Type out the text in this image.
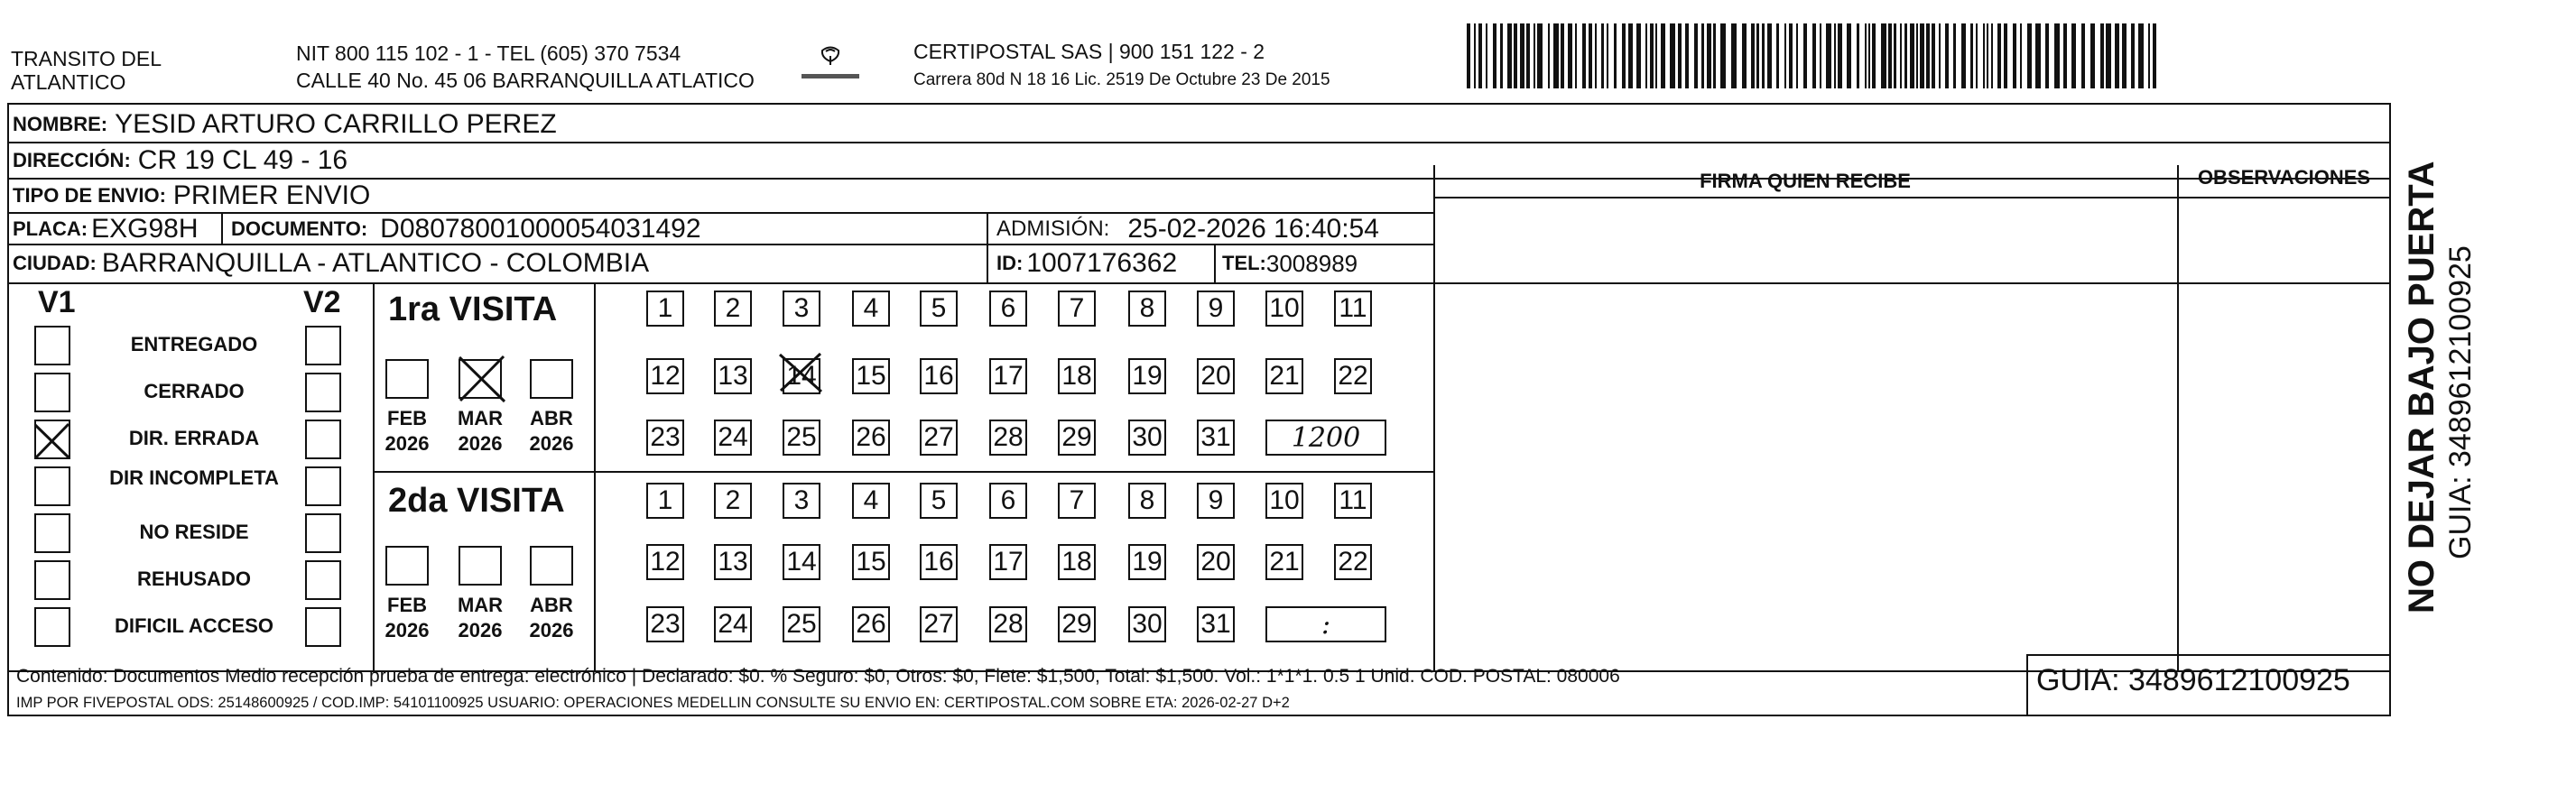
TRANSITO DEL
ATLANTICO
NIT 800 115 102 - 1 - TEL (605) 370 7534
CALLE 40 No. 45 06 BARRANQUILLA ATLATICO
CERTIPOSTAL SAS | 900 151 122 - 2
Carrera 80d N 18 16 Lic. 2519 De Octubre 23 De 2015
NOMBRE: YESID ARTURO CARRILLO PEREZ
DIRECCIÓN: CR 19 CL 49 - 16
TIPO DE ENVIO: PRIMER ENVIO	FIRMA QUIEN RECIBE	OBSERVACIONES
PLACA: EXG98H DOCUMENTO: D08078001000054031492	ADMISIÓN: 25-02-2026 16:40:54
CIUDAD: BARRANQUILLA - ATLANTICO - COLOMBIA	ID: 1007176362 TEL: 3008989
V1	V2
ENTREGADO
CERRADO
DIR. ERRADA
DIR INCOMPLETA
NO RESIDE
REHUSADO
DIFICIL ACCESO
1ra VISITA
2da VISITA
FEB
2026
MAR
2026
ABR
2026
1	2	3	4	5	6	7	8	9	10 11
12 13 14 15 16 17 18 19 20 21 22
23 24 25 26 27 28 29 30 31	1200
FEB
2026
MAR
2026
ABR
2026
1	2	3	4	5	6	7	8	9	10 11
12 13 14 15 16 17 18 19 20 21 22
23 24 25 26 27 28 29 30 31	:
Contenido: Documentos Medio recepción prueba de entrega: electrónico | Declarado: $0. % Seguro: $0, Otros: $0, Flete: $1,500, Total: $1,500. Vol.: 1*1*1. 0.5 1 Unid. COD. POSTAL: 080006
IMP POR FIVEPOSTAL ODS: 25148600925 / COD.IMP: 54101100925 USUARIO: OPERACIONES MEDELLIN CONSULTE SU ENVIO EN: CERTIPOSTAL.COM SOBRE ETA: 2026-02-27 D+2
GUIA: 3489612100925
NO DEJAR BAJO PUERTA GUIA: 3489612100925
